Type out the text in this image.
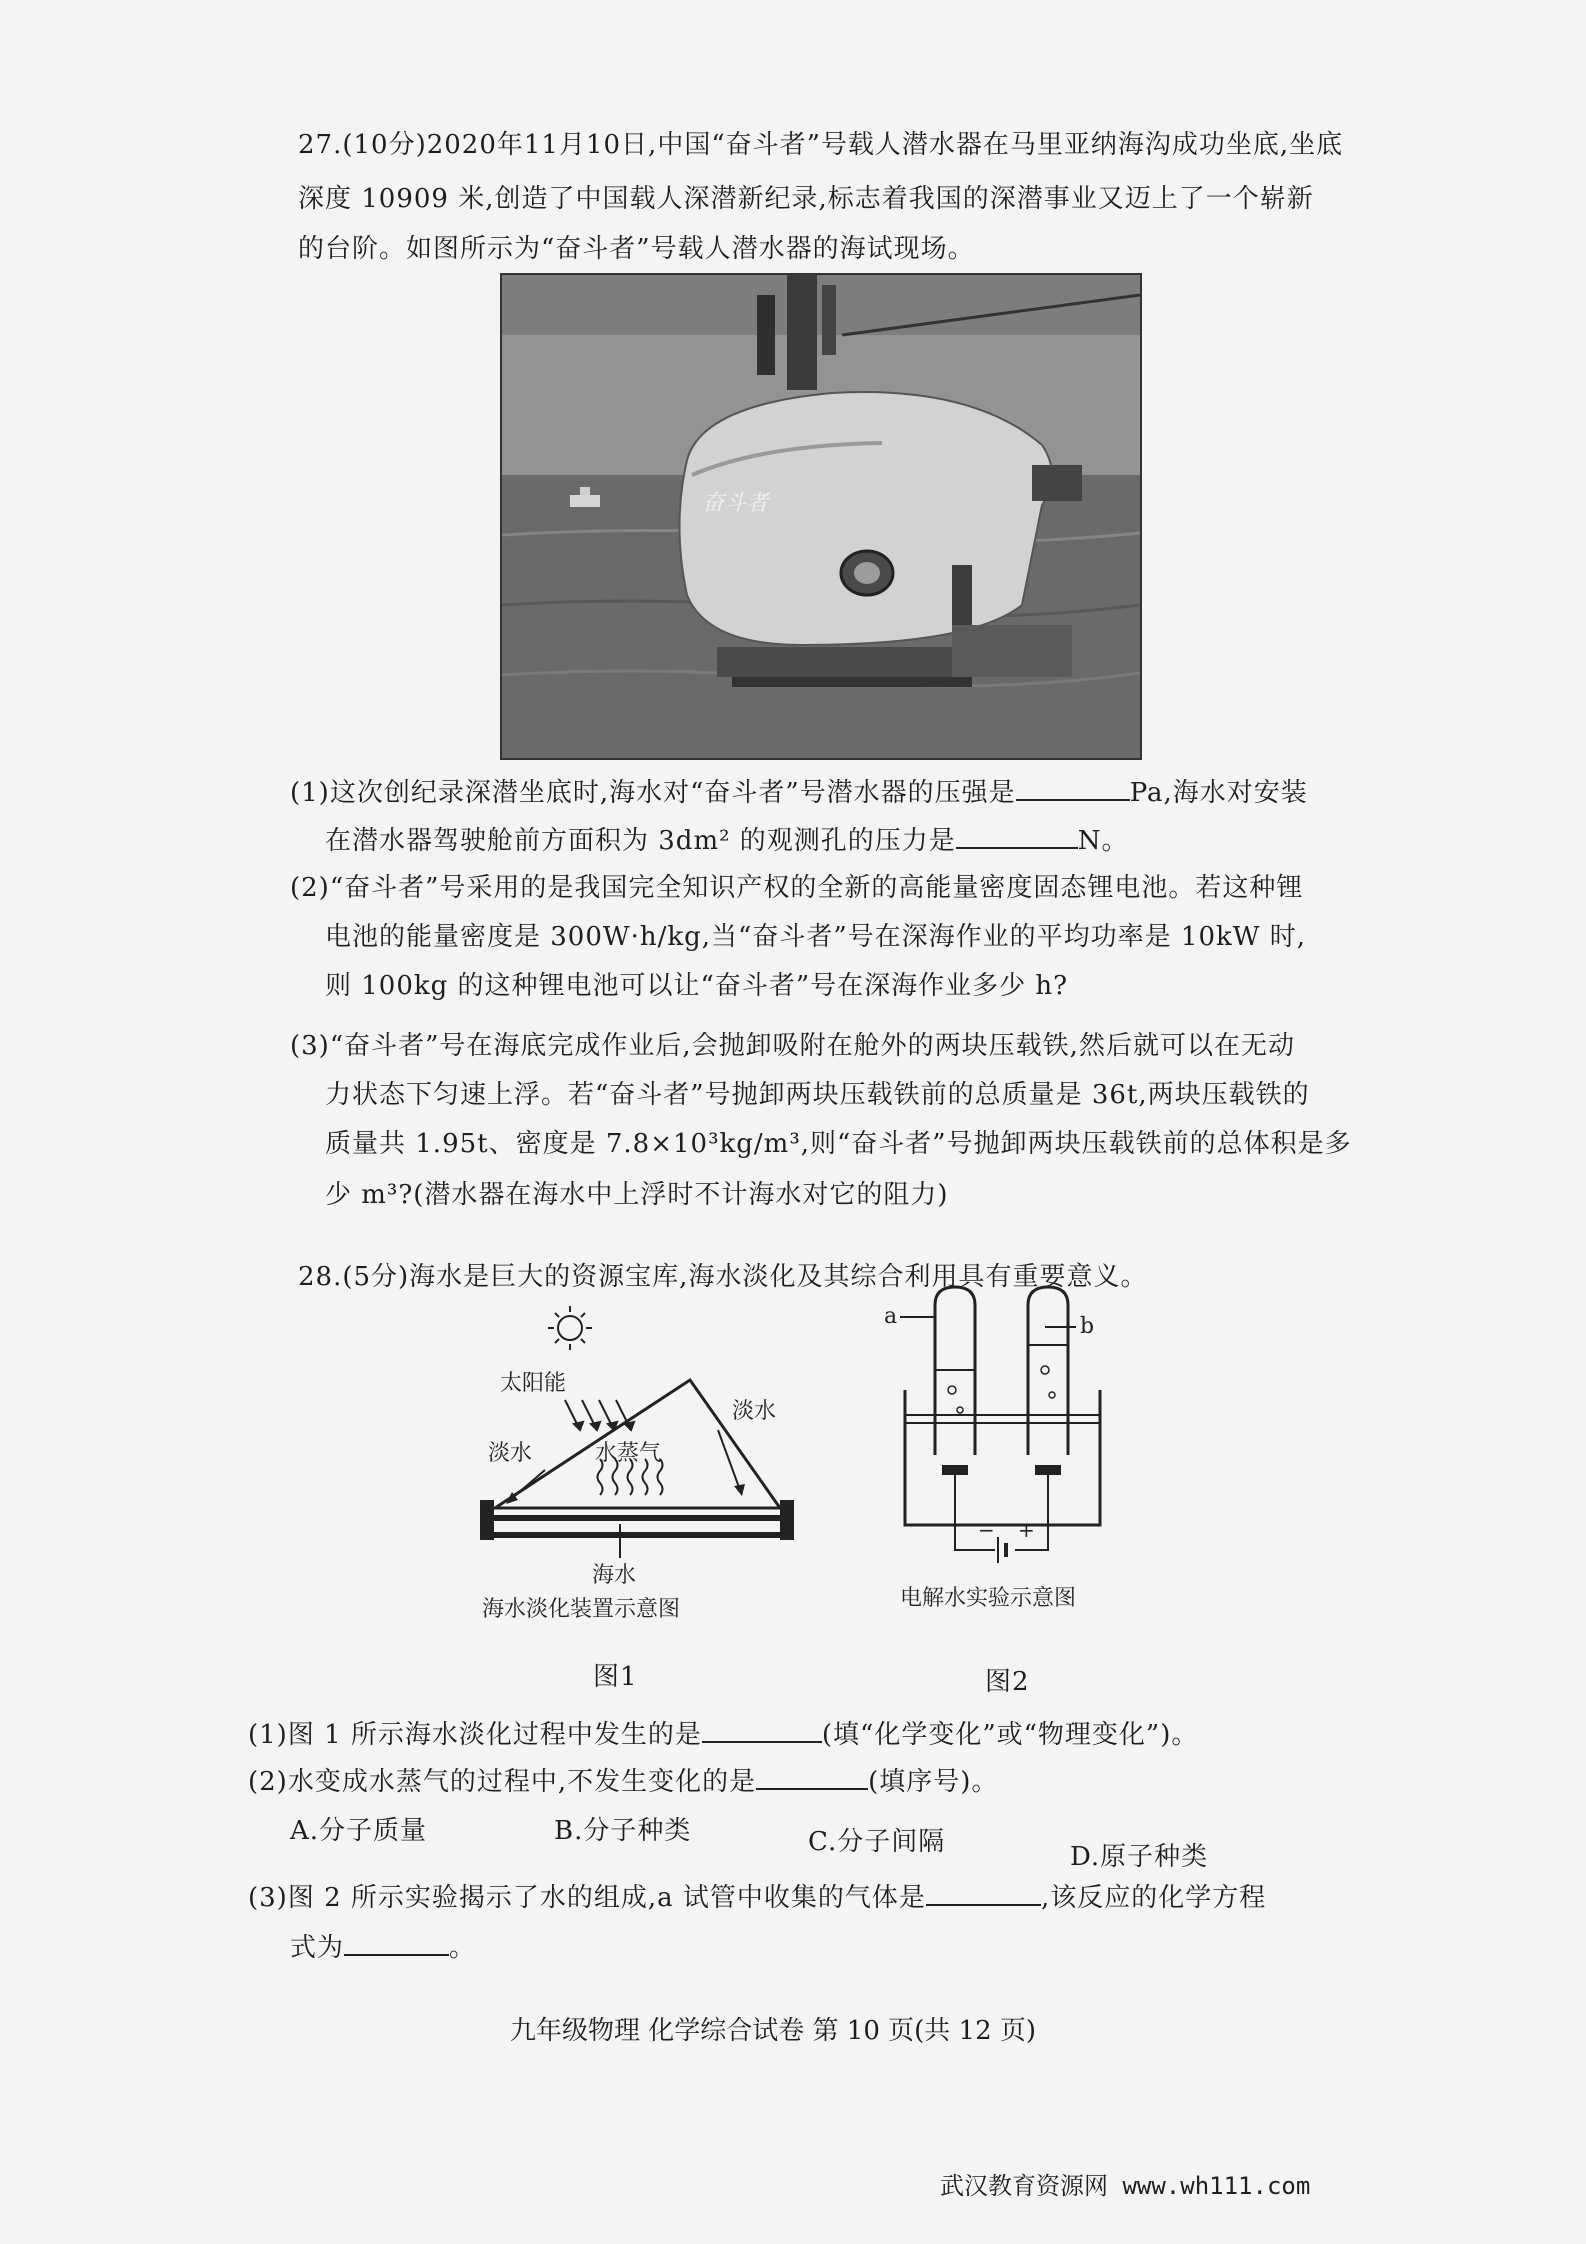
27.(10分)2020年11月10日,中国“奋斗者”号载人潜水器在马里亚纳海沟成功坐底,坐底
深度 10909 米,创造了中国载人深潜新纪录,标志着我国的深潜事业又迈上了一个崭新
的台阶。如图所示为“奋斗者”号载人潜水器的海试现场。
奋斗者
(1)这次创纪录深潜坐底时,海水对“奋斗者”号潜水器的压强是	Pa,海水对安装
在潜水器驾驶舱前方面积为 3dm² 的观测孔的压力是	N。
(2)“奋斗者”号采用的是我国完全知识产权的全新的高能量密度固态锂电池。若这种锂
电池的能量密度是 300W·h/kg,当“奋斗者”号在深海作业的平均功率是 10kW 时,
则 100kg 的这种锂电池可以让“奋斗者”号在深海作业多少 h?
(3)“奋斗者”号在海底完成作业后,会抛卸吸附在舱外的两块压载铁,然后就可以在无动
力状态下匀速上浮。若“奋斗者”号抛卸两块压载铁前的总质量是 36t,两块压载铁的
质量共 1.95t、密度是 7.8×10³kg/m³,则“奋斗者”号抛卸两块压载铁前的总体积是多
少 m³?(潜水器在海水中上浮时不计海水对它的阻力)
28.(5分)海水是巨大的资源宝库,海水淡化及其综合利用具有重要意义。
太阳能
水蒸气
淡水
淡水
海水
海水淡化装置示意图
图1
a	b
− +
电解水实验示意图
图2
(1)图 1 所示海水淡化过程中发生的是	(填“化学变化”或“物理变化”)。
(2)水变成水蒸气的过程中,不发生变化的是	(填序号)。
A.分子质量	B.分子种类	C.分子间隔	D.原子种类
(3)图 2 所示实验揭示了水的组成,a 试管中收集的气体是	,该反应的化学方程
式为	。
九年级物理 化学综合试卷 第 10 页(共 12 页)
武汉教育资源网 www.wh111.com
